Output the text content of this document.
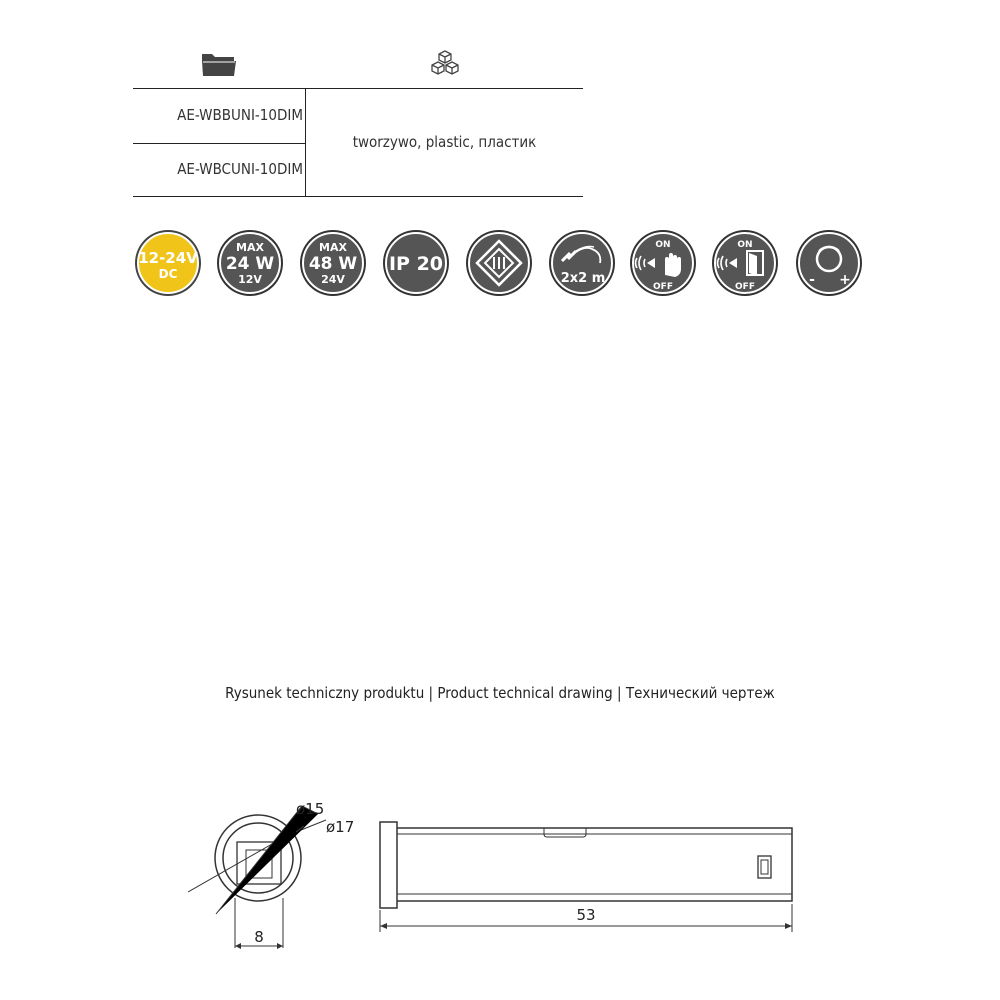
AE-WBBUNI-10DIM
AE-WBCUNI-10DIM
tworzywo, plastic, пластик
12-24V
DC
MAX
24 W
12V
MAX
48 W
24V
IP 20
2x2 m
ON
OFF
ON
OFF	- +
Rysunek techniczny produktu | Product technical drawing | Технический чертеж
ø15
ø17
8
53
